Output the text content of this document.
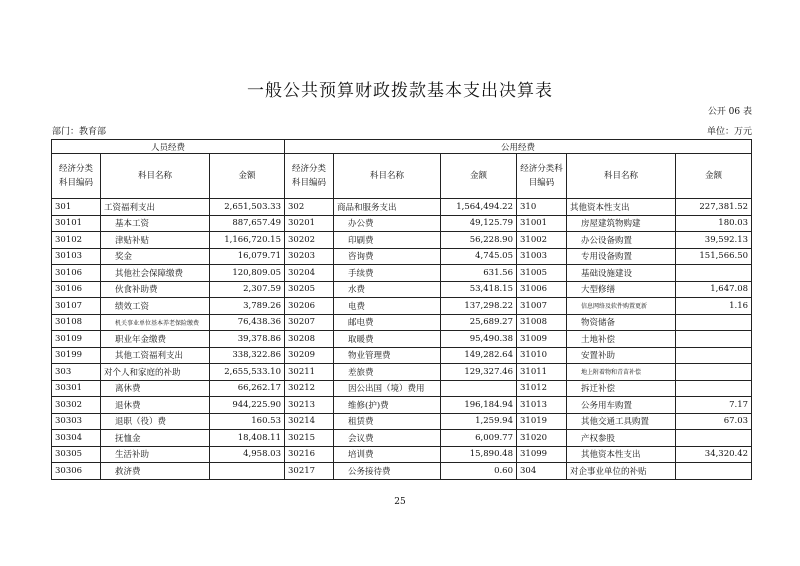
一般公共预算财政拨款基本支出决算表
公开 06 表
部门：教育部	单位：万元
人员经费			公用经费					
经济分类科目编码	科目名称	金额	经济分类科目编码	科目名称	金额	经济分类科目编码	科目名称	金额
301	工资福利支出	2,651,503.33	302	商品和服务支出	1,564,494.22	310	其他资本性支出	227,381.52
30101	基本工资	887,657.49	30201	办公费	49,125.79	31001	房屋建筑物购建	180.03
30102	津贴补贴	1,166,720.15	30202	印刷费	56,228.90	31002	办公设备购置	39,592.13
30103	奖金	16,079.71	30203	咨询费	4,745.05	31003	专用设备购置	151,566.50
30106	其他社会保障缴费	120,809.05	30204	手续费	631.56	31005	基础设施建设	
30106	伙食补助费	2,307.59	30205	水费	53,418.15	31006	大型修缮	1,647.08
30107	绩效工资	3,789.26	30206	电费	137,298.22	31007	信息网络及软件购置更新	1.16
30108	机关事业单位基本养老保险缴费	76,438.36	30207	邮电费	25,689.27	31008	物资储备	
30109	职业年金缴费	39,378.86	30208	取暖费	95,490.38	31009	土地补偿	
30199	其他工资福利支出	338,322.86	30209	物业管理费	149,282.64	31010	安置补助	
303	对个人和家庭的补助	2,655,533.10	30211	差旅费	129,327.46	31011	地上附着物和青苗补偿	
30301	离休费	66,262.17	30212	因公出国（境）费用		31012	拆迁补偿	
30302	退休费	944,225.90	30213	维修(护)费	196,184.94	31013	公务用车购置	7.17
30303	退职（役）费	160.53	30214	租赁费	1,259.94	31019	其他交通工具购置	67.03
30304	抚恤金	18,408.11	30215	会议费	6,009.77	31020	产权参股	
30305	生活补助	4,958.03	30216	培训费	15,890.48	31099	其他资本性支出	34,320.42
30306	救济费		30217	公务接待费	0.60	304	对企事业单位的补贴	
25
